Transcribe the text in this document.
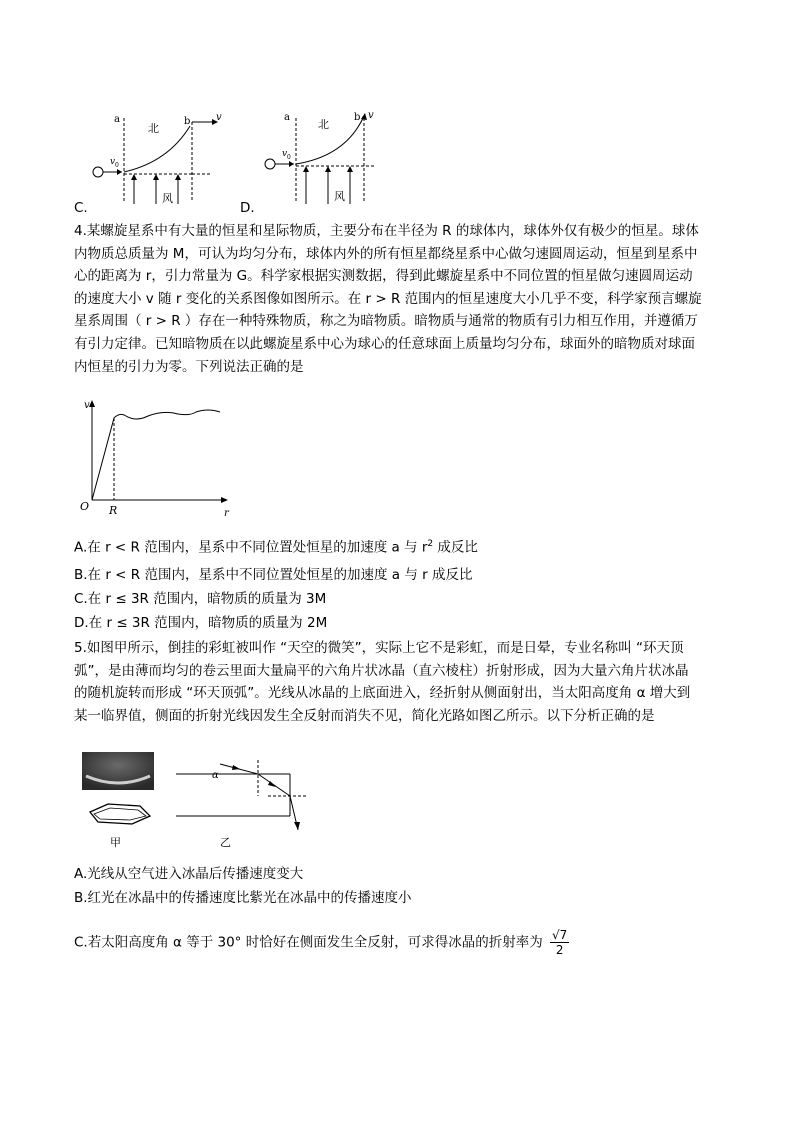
a	b
北
v 0
v
风
C.
a	b
北
v 0
v
风
D.

4.某螺旋星系中有大量的恒星和星际物质，主要分布在半径为 R 的球体内，球体外仅有极少的恒星。球体

内物质总质量为 M，可认为均匀分布，球体内外的所有恒星都绕星系中心做匀速圆周运动，恒星到星系中

心的距离为 r，引力常量为 G。科学家根据实测数据，得到此螺旋星系中不同位置的恒星做匀速圆周运动

的速度大小 v 随 r 变化的关系图像如图所示。在 r > R 范围内的恒星速度大小几乎不变，科学家预言螺旋

星系周围（ r > R ）存在一种特殊物质，称之为暗物质。暗物质与通常的物质有引力相互作用，并遵循万

有引力定律。已知暗物质在以此螺旋星系中心为球心的任意球面上质量均匀分布，球面外的暗物质对球面

内恒星的引力为零。下列说法正确的是

v
r
O R
A.在 r < R 范围内，星系中不同位置处恒星的加速度 a 与 $r^2$ 成反比
B.在 r < R 范围内，星系中不同位置处恒星的加速度 a 与 r 成反比
C.在 r ≤ 3R 范围内，暗物质的质量为 3M
D.在 r ≤ 3R 范围内，暗物质的质量为 2M

5.如图甲所示，倒挂的彩虹被叫作 “天空的微笑”，实际上它不是彩虹，而是日晕，专业名称叫 “环天顶

弧”，是由薄而均匀的卷云里面大量扁平的六角片状冰晶（直六棱柱）折射形成，因为大量六角片状冰晶

的随机旋转而形成 “环天顶弧”。光线从冰晶的上底面进入，经折射从侧面射出，当太阳高度角 α 增大到

某一临界值，侧面的折射光线因发生全反射而消失不见，简化光路如图乙所示。以下分析正确的是

甲
α
乙
A.光线从空气进入冰晶后传播速度变大
B.红光在冰晶中的传播速度比紫光在冰晶中的传播速度小
C.若太阳高度角 α 等于 30° 时恰好在侧面发生全反射，可求得冰晶的折射率为 $\frac{√7}{2}$
